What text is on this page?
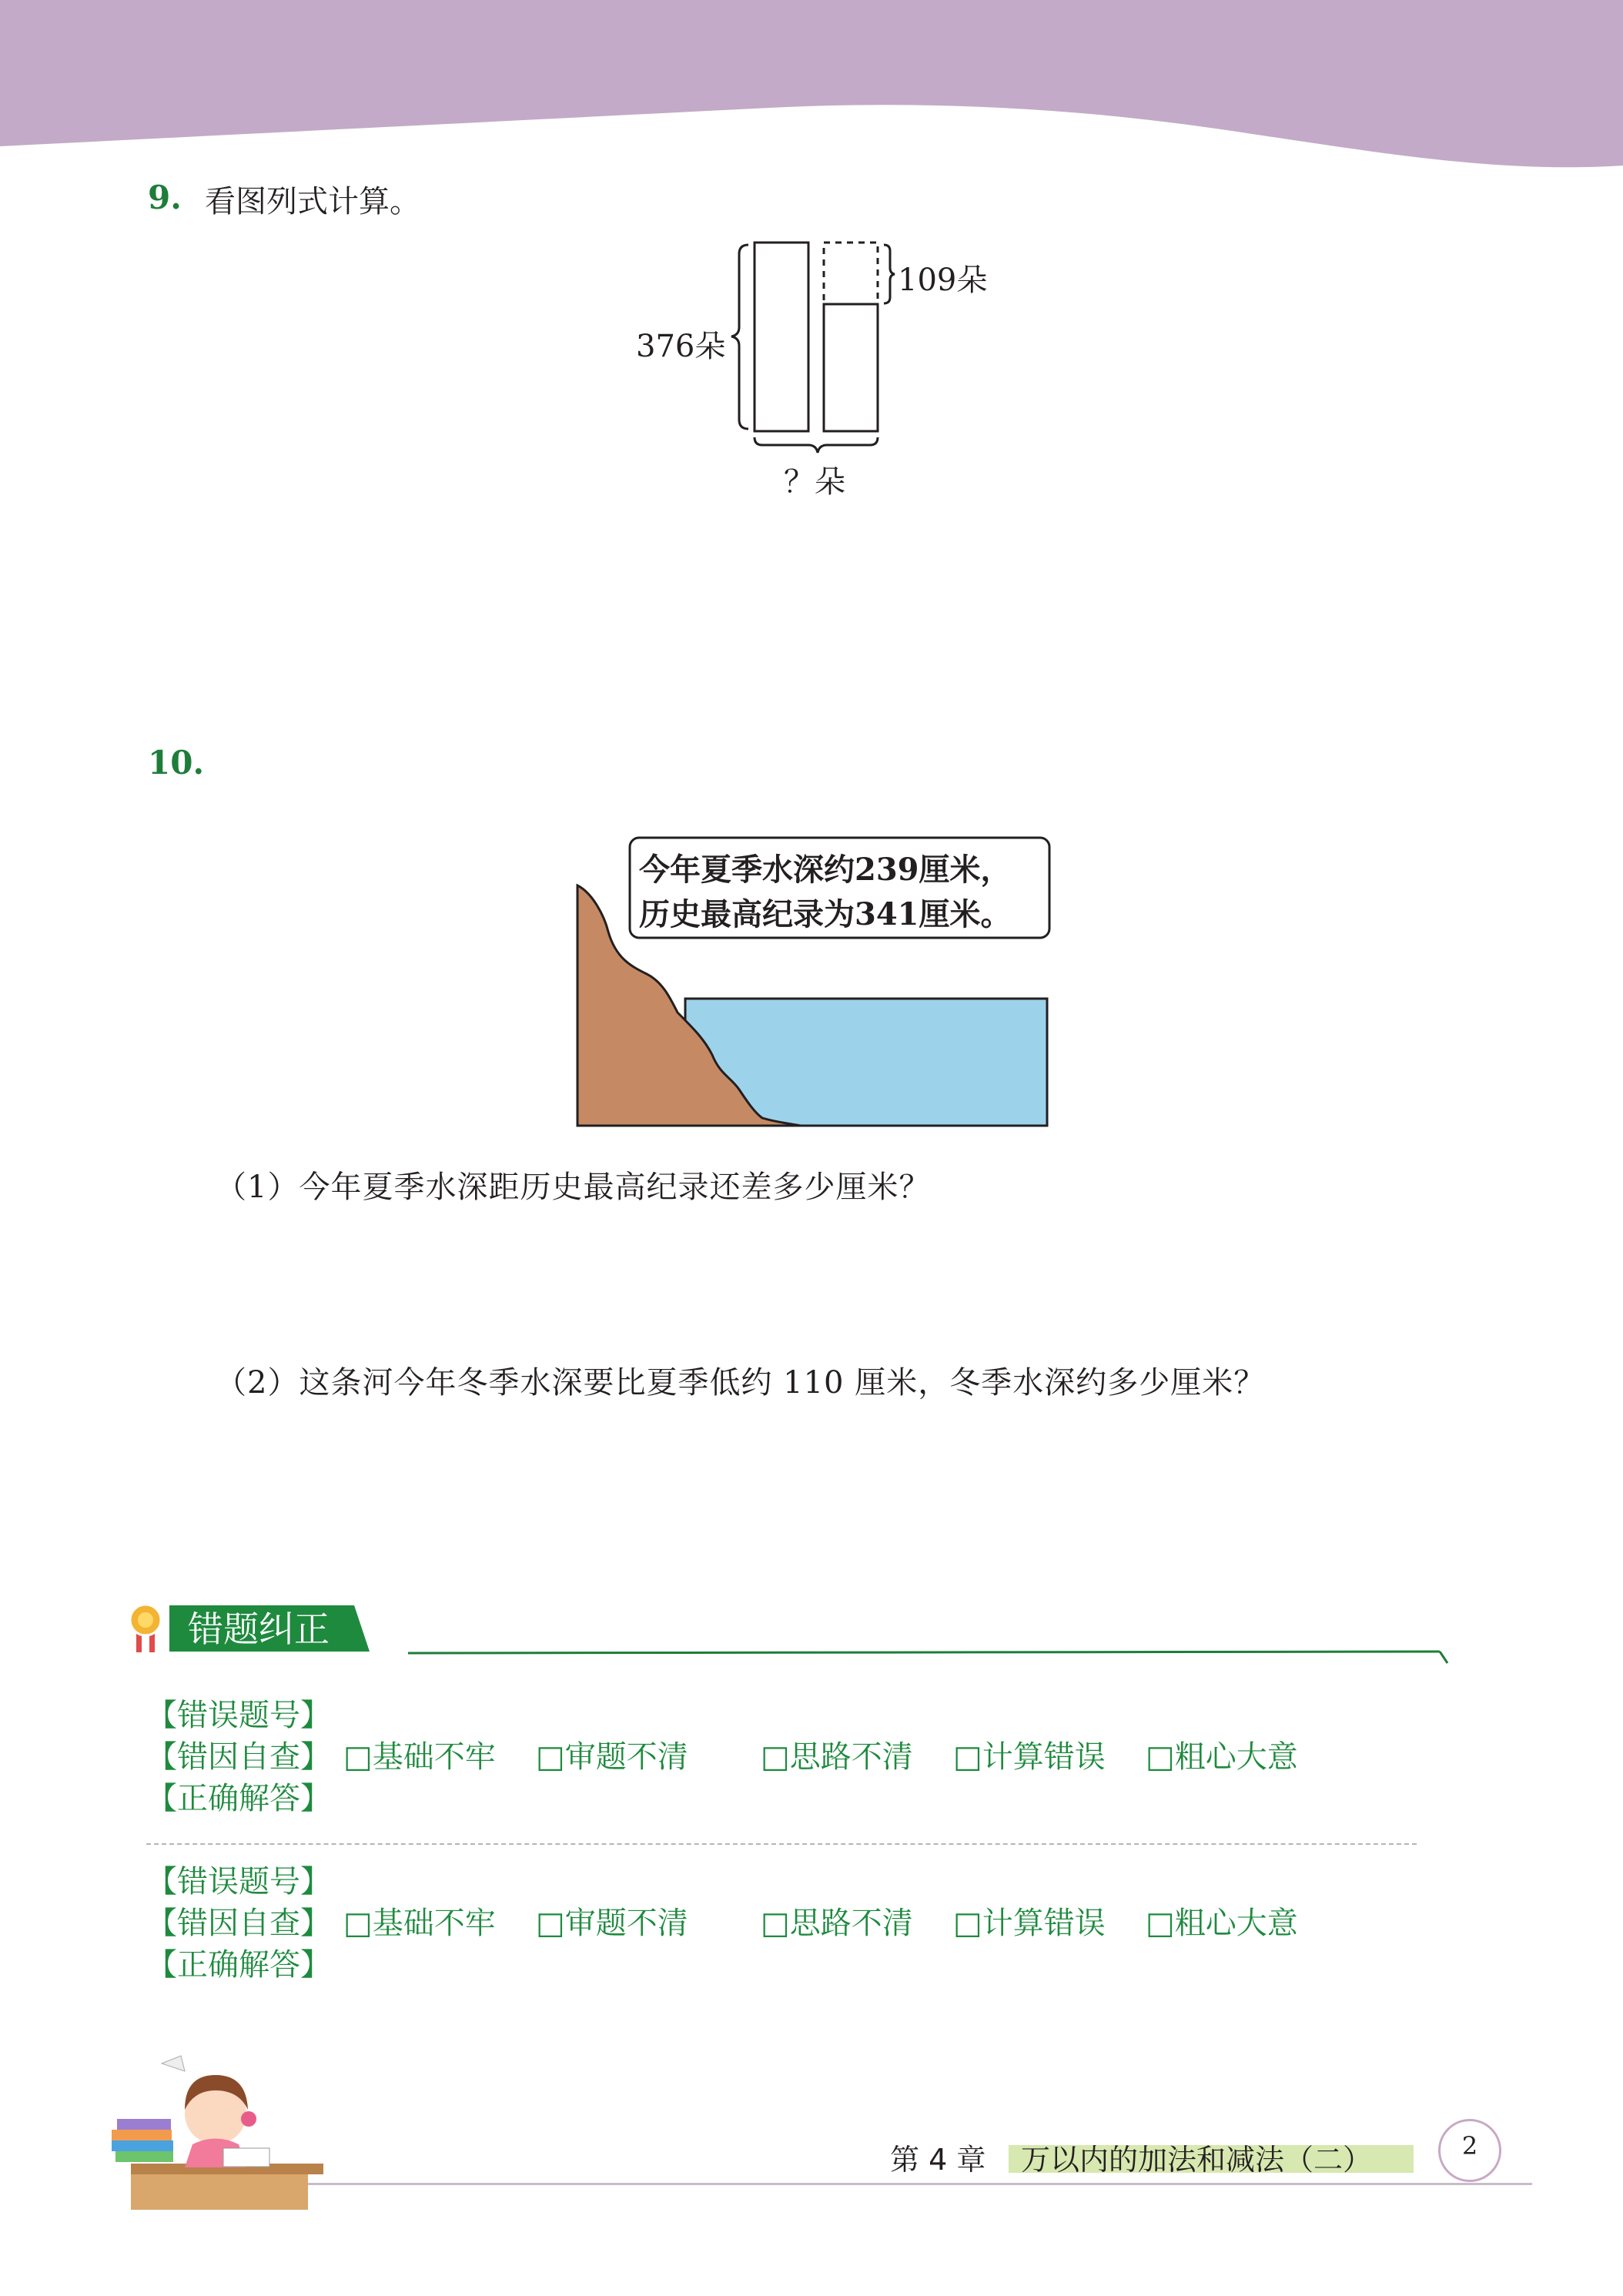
9. 看图列式计算。
376朵
109朵
？朵
10.
今年夏季水深约239厘米，
历史最高纪录为341厘米。
（1）今年夏季水深距历史最高纪录还差多少厘米？
（2）这条河今年冬季水深要比夏季低约 110 厘米，冬季水深约多少厘米？
错题纠正
【错误题号】
【错因自查】 □基础不牢 □审题不清 □思路不清 □计算错误 □粗心大意
【正确解答】
【错误题号】
【错因自查】 □基础不牢 □审题不清 □思路不清 □计算错误 □粗心大意
【正确解答】
第 4 章 万以内的加法和减法（二）	2
